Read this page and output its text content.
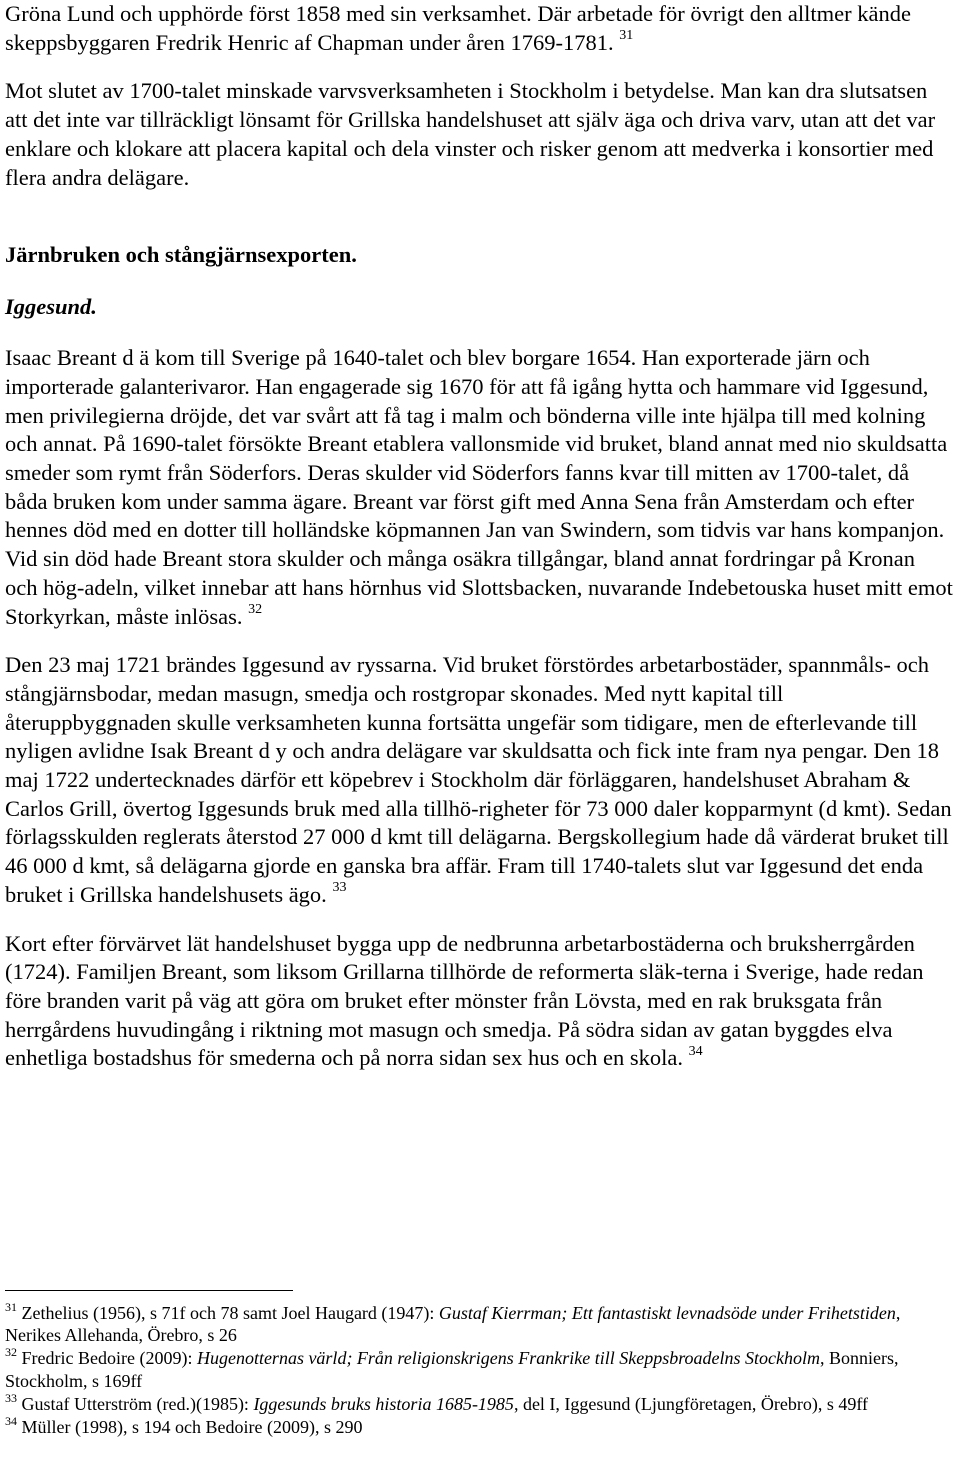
Gröna Lund och upphörde först 1858 med sin verksamhet. Där arbetade för övrigt den alltmer kände skeppsbyggaren Fredrik Henric af Chapman under åren 1769-1781. $^{31}$

Mot slutet av 1700-talet minskade varvsverksamheten i Stockholm i betydelse. Man kan dra slutsatsen att det inte var tillräckligt lönsamt för Grillska handelshuset att själv äga och driva varv, utan att det var enklare och klokare att placera kapital och dela vinster och risker genom att medverka i konsortier med flera andra delägare.

Järnbruken och stångjärnsexporten.

Iggesund.

Isaac Breant d ä kom till Sverige på 1640-talet och blev borgare 1654. Han exporterade järn och importerade galanterivaror. Han engagerade sig 1670 för att få igång hytta och hammare vid Iggesund, men privilegierna dröjde, det var svårt att få tag i malm och bönderna ville inte hjälpa till med kolning och annat. På 1690-talet försökte Breant etablera vallonsmide vid bruket, bland annat med nio skuldsatta smeder som rymt från Söderfors. Deras skulder vid Söderfors fanns kvar till mitten av 1700-talet, då båda bruken kom under samma ägare. Breant var först gift med Anna Sena från Amsterdam och efter hennes död med en dotter till holländske köpmannen Jan van Swindern, som tidvis var hans kompanjon. Vid sin död hade Breant stora skulder och många osäkra tillgångar, bland annat fordringar på Kronan och hög-adeln, vilket innebar att hans hörnhus vid Slottsbacken, nuvarande Indebetouska huset mitt emot Storkyrkan, måste inlösas. $^{32}$

Den 23 maj 1721 brändes Iggesund av ryssarna. Vid bruket förstördes arbetarbostäder, spannmåls- och stångjärnsbodar, medan masugn, smedja och rostgropar skonades. Med nytt kapital till återuppbyggnaden skulle verksamheten kunna fortsätta ungefär som tidigare, men de efterlevande till nyligen avlidne Isak Breant d y och andra delägare var skuldsatta och fick inte fram nya pengar. Den 18 maj 1722 undertecknades därför ett köpebrev i Stockholm där förläggaren, handelshuset Abraham & Carlos Grill, övertog Iggesunds bruk med alla tillhö-righeter för 73 000 daler kopparmynt (d kmt). Sedan förlagsskulden reglerats återstod 27 000 d kmt till delägarna. Bergskollegium hade då värderat bruket till 46 000 d kmt, så delägarna gjorde en ganska bra affär. Fram till 1740-talets slut var Iggesund det enda bruket i Grillska handelshusets ägo. $^{33}$

Kort efter förvärvet lät handelshuset bygga upp de nedbrunna arbetarbostäderna och bruksherrgården (1724). Familjen Breant, som liksom Grillarna tillhörde de reformerta släk-terna i Sverige, hade redan före branden varit på väg att göra om bruket efter mönster från Lövsta, med en rak bruksgata från herrgårdens huvudingång i riktning mot masugn och smedja. På södra sidan av gatan byggdes elva enhetliga bostadshus för smederna och på norra sidan sex hus och en skola. $^{34}$

$^{31}$ Zethelius (1956), s 71f och 78 samt Joel Haugard (1947): Gustaf Kierrman; Ett fantastiskt levnadsöde under Frihetstiden, Nerikes Allehanda, Örebro, s 26

$^{32}$ Fredric Bedoire (2009): Hugenotternas värld; Från religionskrigens Frankrike till Skeppsbroadelns Stockholm, Bonniers, Stockholm, s 169ff

$^{33}$ Gustaf Utterström (red.)(1985): Iggesunds bruks historia 1685-1985, del I, Iggesund (Ljungföretagen, Örebro), s 49ff

$^{34}$ Müller (1998), s 194 och Bedoire (2009), s 290
